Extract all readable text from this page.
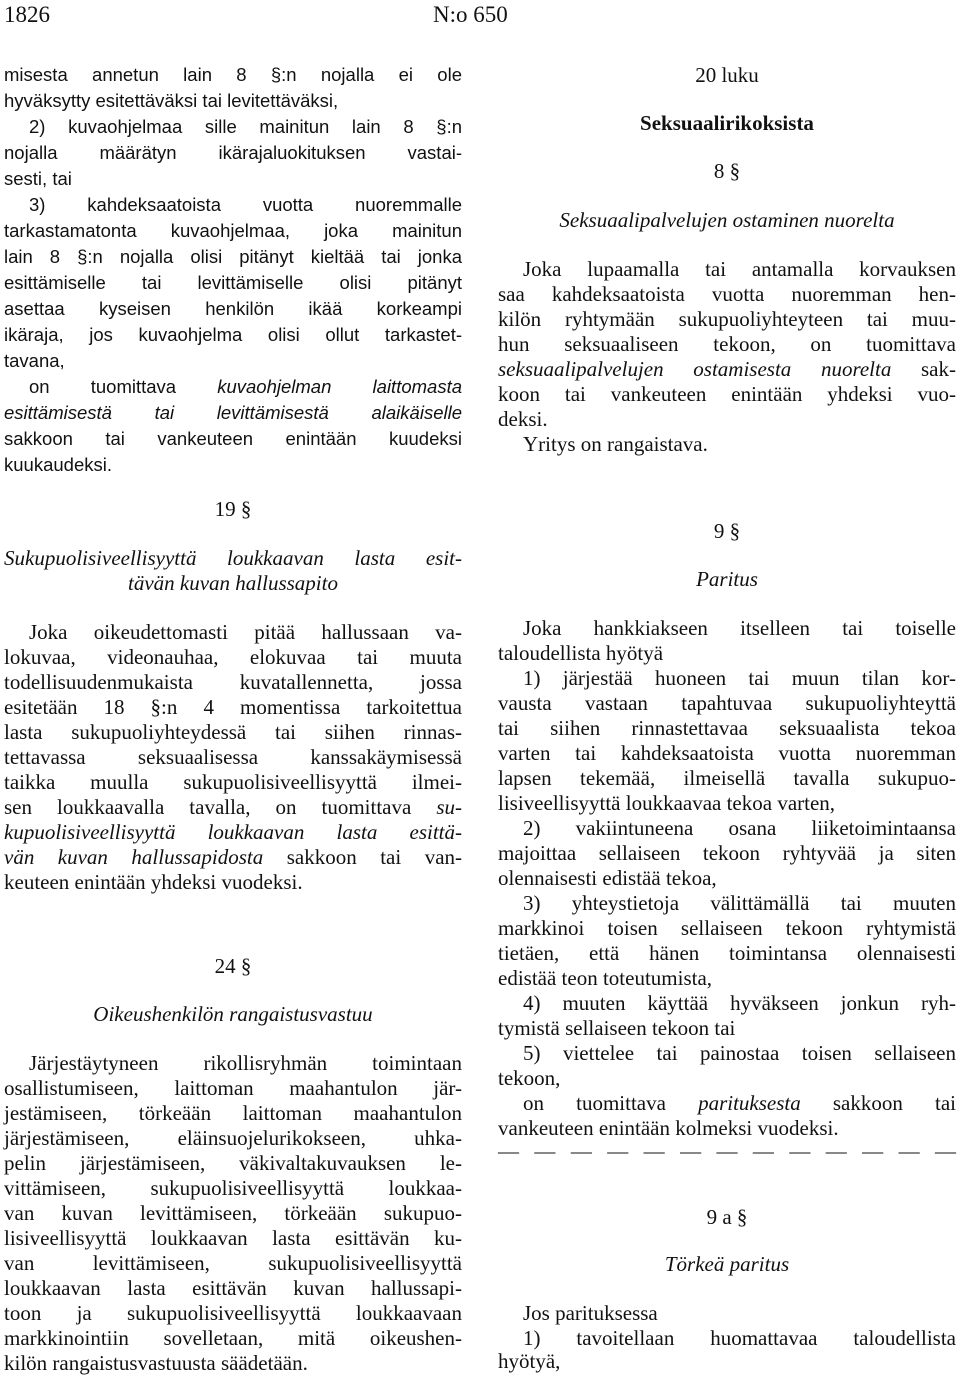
1826	N:o 650
misesta annetun lain 8 §:n nojalla ei ole
hyväksytty esitettäväksi tai levitettäväksi,
2) kuvaohjelmaa sille mainitun lain 8 §:n
nojalla määrätyn ikärajaluokituksen vastai-
sesti, tai
3) kahdeksaatoista vuotta nuoremmalle
tarkastamatonta kuvaohjelmaa, joka mainitun
lain 8 §:n nojalla olisi pitänyt kieltää tai jonka
esittämiselle tai levittämiselle olisi pitänyt
asettaa kyseisen henkilön ikää korkeampi
ikäraja, jos kuvaohjelma olisi ollut tarkastet-
tavana,
on tuomittava kuvaohjelman laittomasta
esittämisestä tai levittämisestä alaikäiselle
sakkoon tai vankeuteen enintään kuudeksi
kuukaudeksi.
19 §
Sukupuolisiveellisyyttä loukkaavan lasta esit-
tävän kuvan hallussapito
Joka oikeudettomasti pitää hallussaan va-
lokuvaa, videonauhaa, elokuvaa tai muuta
todellisuudenmukaista kuvatallennetta, jossa
esitetään 18 §:n 4 momentissa tarkoitettua
lasta sukupuoliyhteydessä tai siihen rinnas-
tettavassa seksuaalisessa kanssakäymisessä
taikka muulla sukupuolisiveellisyyttä ilmei-
sen loukkaavalla tavalla, on tuomittava su-
kupuolisiveellisyyttä loukkaavan lasta esittä-
vän kuvan hallussapidosta sakkoon tai van-
keuteen enintään yhdeksi vuodeksi.
24 §
Oikeushenkilön rangaistusvastuu
Järjestäytyneen rikollisryhmän toimintaan
osallistumiseen, laittoman maahantulon jär-
jestämiseen, törkeään laittoman maahantulon
järjestämiseen, eläinsuojelurikokseen, uhka-
pelin järjestämiseen, väkivaltakuvauksen le-
vittämiseen, sukupuolisiveellisyyttä loukkaa-
van kuvan levittämiseen, törkeään sukupuo-
lisiveellisyyttä loukkaavan lasta esittävän ku-
van levittämiseen, sukupuolisiveellisyyttä
loukkaavan lasta esittävän kuvan hallussapi-
toon ja sukupuolisiveellisyyttä loukkaavaan
markkinointiin sovelletaan, mitä oikeushen-
kilön rangaistusvastuusta säädetään.
20 luku
Seksuaalirikoksista
8 §
Seksuaalipalvelujen ostaminen nuorelta
Joka lupaamalla tai antamalla korvauksen
saa kahdeksaatoista vuotta nuoremman hen-
kilön ryhtymään sukupuoliyhteyteen tai muu-
hun seksuaaliseen tekoon, on tuomittava
seksuaalipalvelujen ostamisesta nuorelta sak-
koon tai vankeuteen enintään yhdeksi vuo-
deksi.
Yritys on rangaistava.
9 §
Paritus
Joka hankkiakseen itselleen tai toiselle
taloudellista hyötyä
1) järjestää huoneen tai muun tilan kor-
vausta vastaan tapahtuvaa sukupuoliyhteyttä
tai siihen rinnastettavaa seksuaalista tekoa
varten tai kahdeksaatoista vuotta nuoremman
lapsen tekemää, ilmeisellä tavalla sukupuo-
lisiveellisyyttä loukkaavaa tekoa varten,
2) vakiintuneena osana liiketoimintaansa
majoittaa sellaiseen tekoon ryhtyvää ja siten
olennaisesti edistää tekoa,
3) yhteystietoja välittämällä tai muuten
markkinoi toisen sellaiseen tekoon ryhtymistä
tietäen, että hänen toimintansa olennaisesti
edistää teon toteutumista,
4) muuten käyttää hyväkseen jonkun ryh-
tymistä sellaiseen tekoon tai
5) viettelee tai painostaa toisen sellaiseen
tekoon,
on tuomittava parituksesta sakkoon tai
vankeuteen enintään kolmeksi vuodeksi.
— — — — — — — — — — — — —
9 a §
Törkeä paritus
Jos parituksessa
1) tavoitellaan huomattavaa taloudellista
hyötyä,
